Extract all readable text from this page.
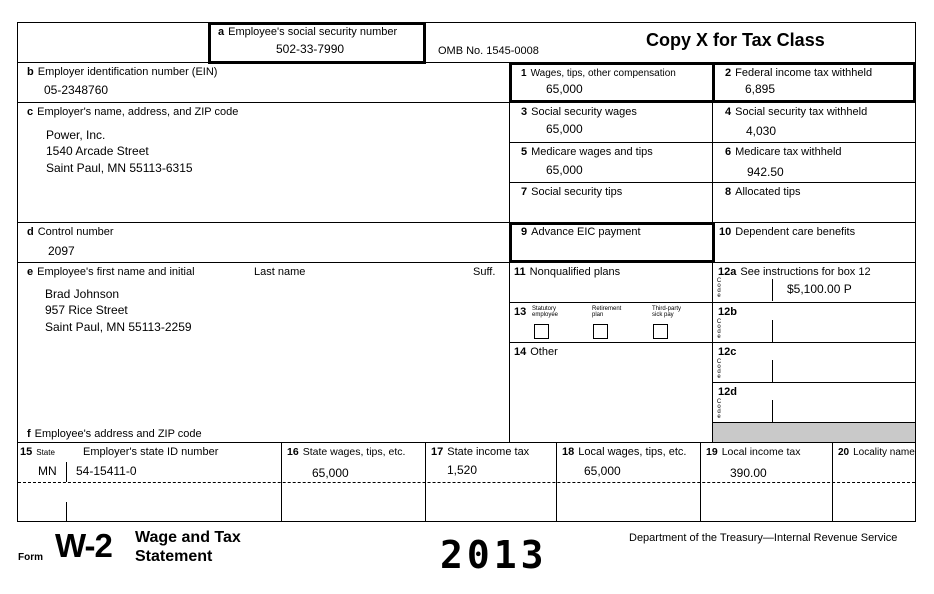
a Employee's social security number
502-33-7990	OMB No. 1545-0008
Copy X for Tax Class
b Employer identification number (EIN)
05-2348760
c Employer's name, address, and ZIP code
Power, Inc.
1540 Arcade Street
Saint Paul, MN 55113-6315
d Control number
2097
e Employee's first name and initial	Last name	Suff.
Brad Johnson
957 Rice Street
Saint Paul, MN 55113-2259
f Employee's address and ZIP code
1 Wages, tips, other compensation
65,000
2 Federal income tax withheld
6,895
3 Social security wages
65,000
4 Social security tax withheld
4,030
5 Medicare wages and tips
65,000
6 Medicare tax withheld
942.50
7 Social security tips	8 Allocated tips
9 Advance EIC payment	10 Dependent care benefits
11 Nonqualified plans	12a See instructions for box 12
$5,100.00 P
12b
12c
12d
C
o
d
e
C
o
d
e
C
o
d
e
C
o
d
e
13 Statutory employee
Retirement plan
Third-party sick pay
14 Other
15 State	Employer's state ID number
MN 54-15411-0
16 State wages, tips, etc.
65,000
17 State income tax
1,520
18 Local wages, tips, etc.
65,000
19 Local income tax
390.00
20 Locality name
Form W-2 Wage and Tax
Statement	2013	Department of the Treasury—Internal Revenue Service
